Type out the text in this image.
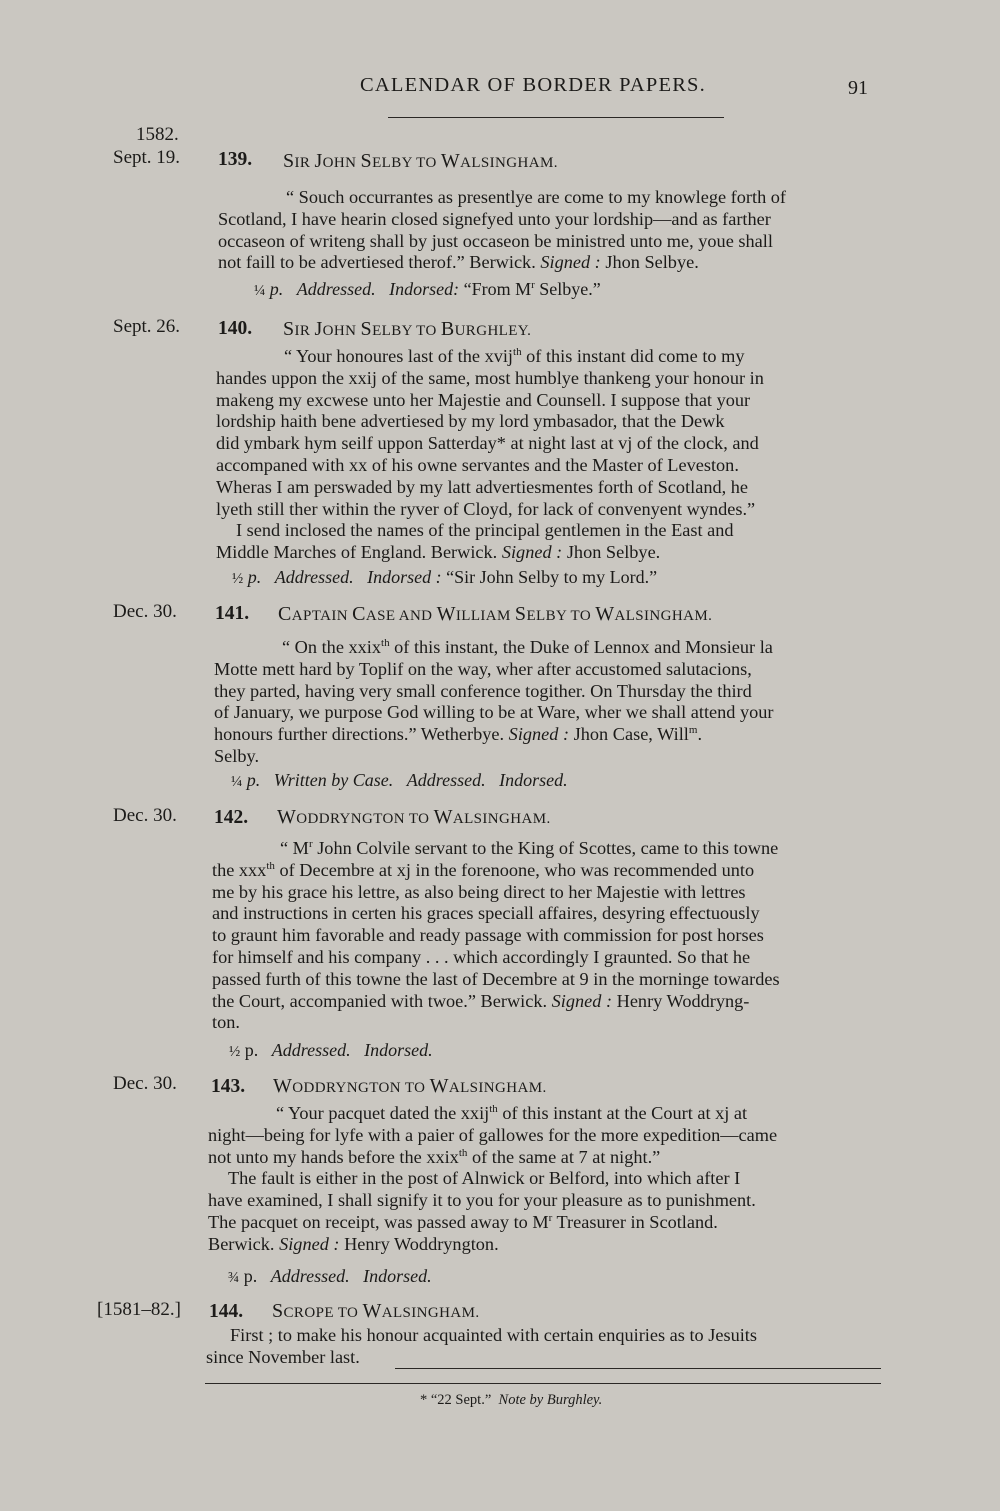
CALENDAR OF BORDER PAPERS.	91
1582.
Sept. 19.	139. SIR JOHN SELBY TO WALSINGHAM.

“ Souch occurrantes as presentlye are come to my knowlege forth of

Scotland, I have hearin closed signefyed unto your lordship—and as farther

occaseon of writeng shall by just occaseon be ministred unto me, youe shall

not faill to be advertiesed therof.” Berwick. Signed : Jhon Selbye.

¼ p. Addressed. Indorsed: “From $M^r$ Selbye.”
Sept. 26.	140. SIR JOHN SELBY TO BURGHLEY.

“ Your honoures last of the xvij$^{th}$ of this instant did come to my

handes uppon the xxij of the same, most humblye thankeng your honour in

makeng my excwese unto her Majestie and Counsell. I suppose that your

lordship haith bene advertiesed by my lord ymbasador, that the Dewk

did ymbark hym seilf uppon Satterday* at night last at vj of the clock, and

accompaned with xx of his owne servantes and the Master of Leveston.

Wheras I am perswaded by my latt advertiesmentes forth of Scotland, he

lyeth still ther within the ryver of Cloyd, for lack of convenyent wyndes.”

I send inclosed the names of the principal gentlemen in the East and

Middle Marches of England. Berwick. Signed : Jhon Selbye.

½ p. Addressed. Indorsed : “Sir John Selby to my Lord.”
Dec. 30.	141. CAPTAIN CASE AND WILLIAM SELBY TO WALSINGHAM.

“ On the xxix$^{th}$ of this instant, the Duke of Lennox and Monsieur la

Motte mett hard by Toplif on the way, wher after accustomed salutacions,

they parted, having very small conference togither. On Thursday the third

of January, we purpose God willing to be at Ware, wher we shall attend your

honours further directions.” Wetherbye. Signed : Jhon Case, Will$^m$.

Selby.

¼ p. Written by Case. Addressed. Indorsed.
Dec. 30.	142. WODDRYNGTON TO WALSINGHAM.

“ $M^r$ John Colvile servant to the King of Scottes, came to this towne

the xxx$^{th}$ of Decembre at xj in the forenoone, who was recommended unto

me by his grace his lettre, as also being direct to her Majestie with lettres

and instructions in certen his graces speciall affaires, desyring effectuously

to graunt him favorable and ready passage with commission for post horses

for himself and his company . . . which accordingly I graunted. So that he

passed furth of this towne the last of Decembre at 9 in the morninge towardes

the Court, accompanied with twoe.” Berwick. Signed : Henry Woddryng-

ton.

½ p.   Addressed. Indorsed.
Dec. 30.	143. WODDRYNGTON TO WALSINGHAM.

“ Your pacquet dated the xxij$^{th}$ of this instant at the Court at xj at

night—being for lyfe with a paier of gallowes for the more expedition—came

not unto my hands before the xxix$^{th}$ of the same at 7 at night.”

The fault is either in the post of Alnwick or Belford, into which after I

have examined, I shall signify it to you for your pleasure as to punishment.

The pacquet on receipt, was passed away to $M^r$ Treasurer in Scotland.

Berwick. Signed : Henry Woddryngton.

¾ p.   Addressed. Indorsed.
[1581–82.]	144. SCROPE TO WALSINGHAM.

First ; to make his honour acquainted with certain enquiries as to Jesuits

since November last.

* “22 Sept.”  Note by Burghley.
